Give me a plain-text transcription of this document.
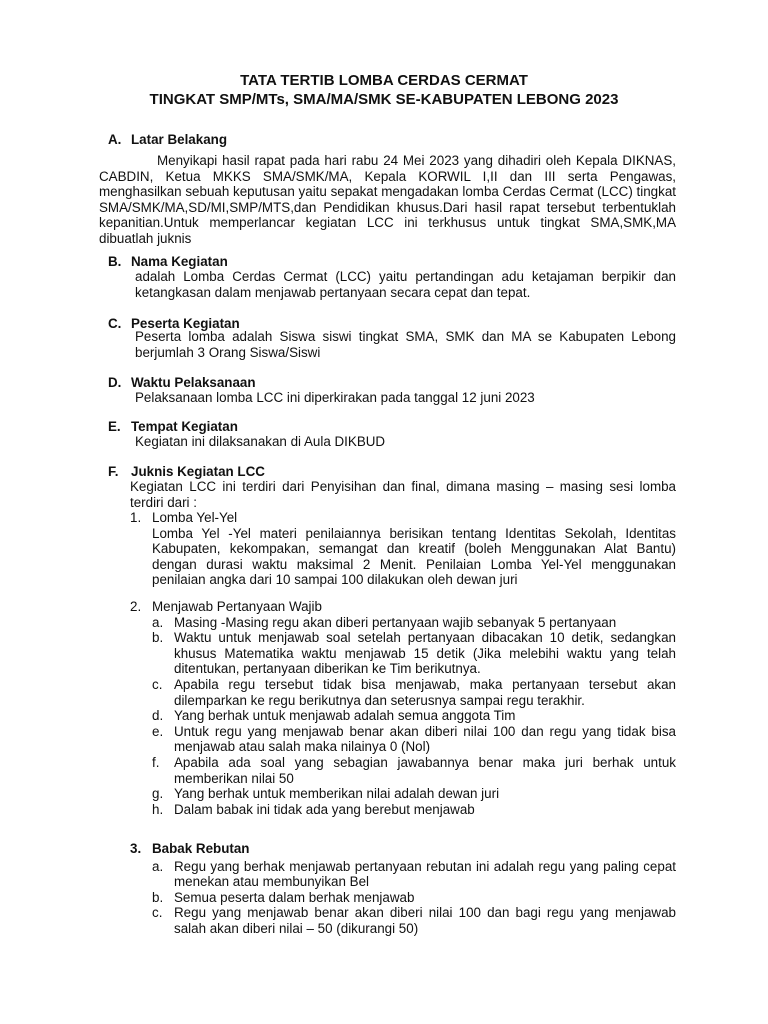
TATA TERTIB LOMBA CERDAS CERMAT
TINGKAT SMP/MTs, SMA/MA/SMK SE-KABUPATEN LEBONG 2023
A. Latar Belakang

Menyikapi hasil rapat pada hari rabu 24 Mei 2023 yang dihadiri oleh Kepala DIKNAS, CABDIN, Ketua MKKS SMA/SMK/MA, Kepala KORWIL I,II dan III serta Pengawas, menghasilkan sebuah keputusan yaitu sepakat mengadakan lomba Cerdas Cermat (LCC) tingkat SMA/SMK/MA,SD/MI,SMP/MTS,dan Pendidikan khusus.Dari hasil rapat tersebut terbentuklah kepanitian.Untuk memperlancar kegiatan LCC ini terkhusus untuk tingkat SMA,SMK,MA dibuatlah juknis

B. Nama Kegiatan

adalah Lomba Cerdas Cermat (LCC) yaitu pertandingan adu ketajaman berpikir dan ketangkasan dalam menjawab pertanyaan secara cepat dan tepat.

C. Peserta Kegiatan

Peserta lomba adalah Siswa siswi tingkat SMA, SMK dan MA se Kabupaten Lebong berjumlah 3 Orang Siswa/Siswi

D. Waktu Pelaksanaan

Pelaksanaan lomba LCC ini diperkirakan pada tanggal 12 juni 2023

E. Tempat Kegiatan

Kegiatan ini dilaksanakan di Aula DIKBUD

F. Juknis Kegiatan LCC

Kegiatan LCC ini terdiri dari Penyisihan dan final, dimana masing – masing sesi lomba terdiri dari :

1. Lomba Yel-Yel
Lomba Yel -Yel materi penilaiannya berisikan tentang Identitas Sekolah, Identitas Kabupaten, kekompakan, semangat dan kreatif (boleh Menggunakan Alat Bantu) dengan durasi waktu maksimal 2 Menit. Penilaian Lomba Yel-Yel menggunakan penilaian angka dari 10 sampai 100 dilakukan oleh dewan juri
2. Menjawab Pertanyaan Wajib
a. Masing -Masing regu akan diberi pertanyaan wajib sebanyak 5 pertanyaan
b. Waktu untuk menjawab soal setelah pertanyaan dibacakan 10 detik, sedangkan khusus Matematika waktu menjawab 15 detik (Jika melebihi waktu yang telah ditentukan, pertanyaan diberikan ke Tim berikutnya.
c. Apabila regu tersebut tidak bisa menjawab, maka pertanyaan tersebut akan dilemparkan ke regu berikutnya dan seterusnya sampai regu terakhir.
d. Yang berhak untuk menjawab adalah semua anggota Tim
e. Untuk regu yang menjawab benar akan diberi nilai 100 dan regu yang tidak bisa menjawab atau salah maka nilainya 0 (Nol)
f. Apabila ada soal yang sebagian jawabannya benar maka juri berhak untuk memberikan nilai 50
g. Yang berhak untuk memberikan nilai adalah dewan juri
h. Dalam babak ini tidak ada yang berebut menjawab
3. Babak Rebutan
a. Regu yang berhak menjawab pertanyaan rebutan ini adalah regu yang paling cepat menekan atau membunyikan Bel
b. Semua peserta dalam berhak menjawab
c. Regu yang menjawab benar akan diberi nilai 100 dan bagi regu yang menjawab salah akan diberi nilai – 50 (dikurangi 50)
